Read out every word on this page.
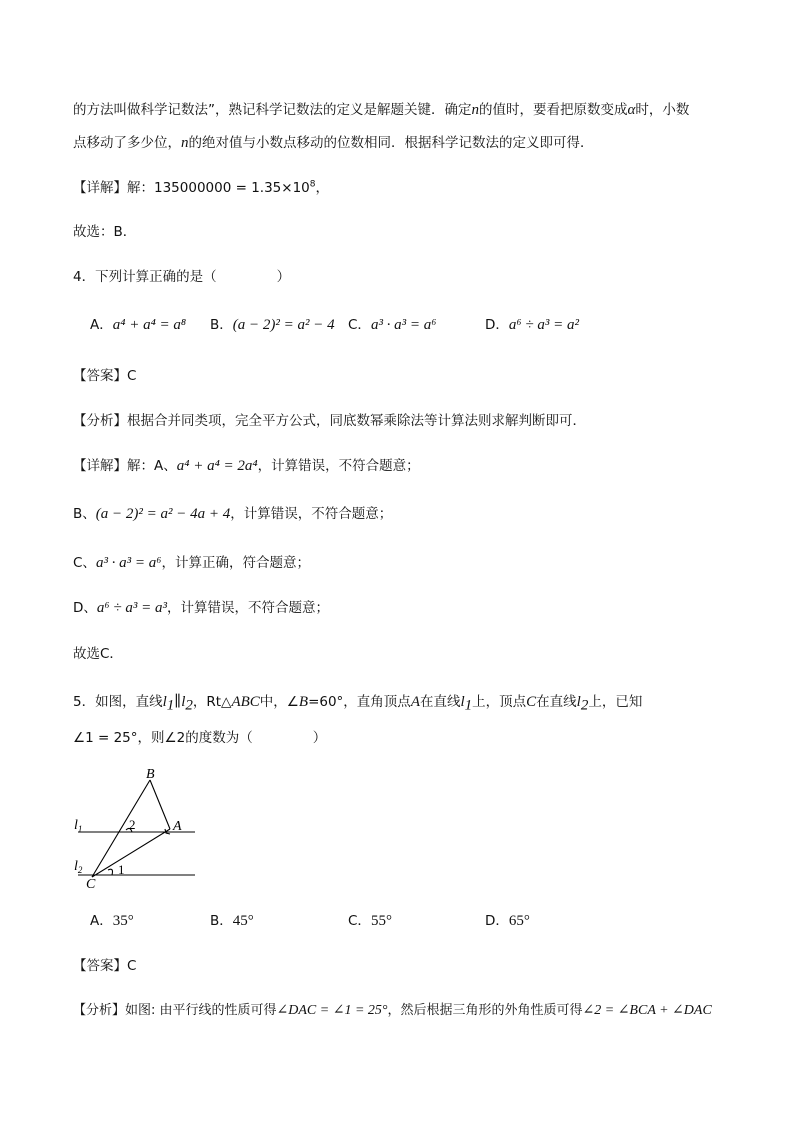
的方法叫做科学记数法”，熟记科学记数法的定义是解题关键．确定n的值时，要看把原数变成α时，小数
点移动了多少位，n的绝对值与小数点移动的位数相同．根据科学记数法的定义即可得．
【详解】解：$135000000 = 1.35\times 10^8$，
故选：B．
4．下列计算正确的是（	）
A．a⁴ + a⁴ = a⁸ B．(a − 2)² = a² − 4 C．a³ · a³ = a⁶	D．a⁶ ÷ a³ = a²
【答案】C
【分析】根据合并同类项，完全平方公式，同底数幂乘除法等计算法则求解判断即可．
【详解】解：A、a⁴ + a⁴ = 2a⁴，计算错误，不符合题意；
B、(a − 2)² = a² − 4a + 4，计算错误，不符合题意；
C、a³ · a³ = a⁶，计算正确，符合题意；
D、a⁶ ÷ a³ = a³，计算错误，不符合题意；
故选C．
5．如图，直线$l_1\parallel l_2$，Rt△ABC中，∠B=60°，直角顶点A在直线$l_1$上，顶点C在直线$l_2$上，已知
∠1 = 25°，则∠2的度数为（	）
B
A
C
$l_1$
$l_2$
2
1
A．35°	B．45°	C．55°	D．65°
【答案】C
【分析】如图: 由平行线的性质可得∠DAC = ∠1 = 25°，然后根据三角形的外角性质可得∠2 = ∠BCA + ∠DAC
